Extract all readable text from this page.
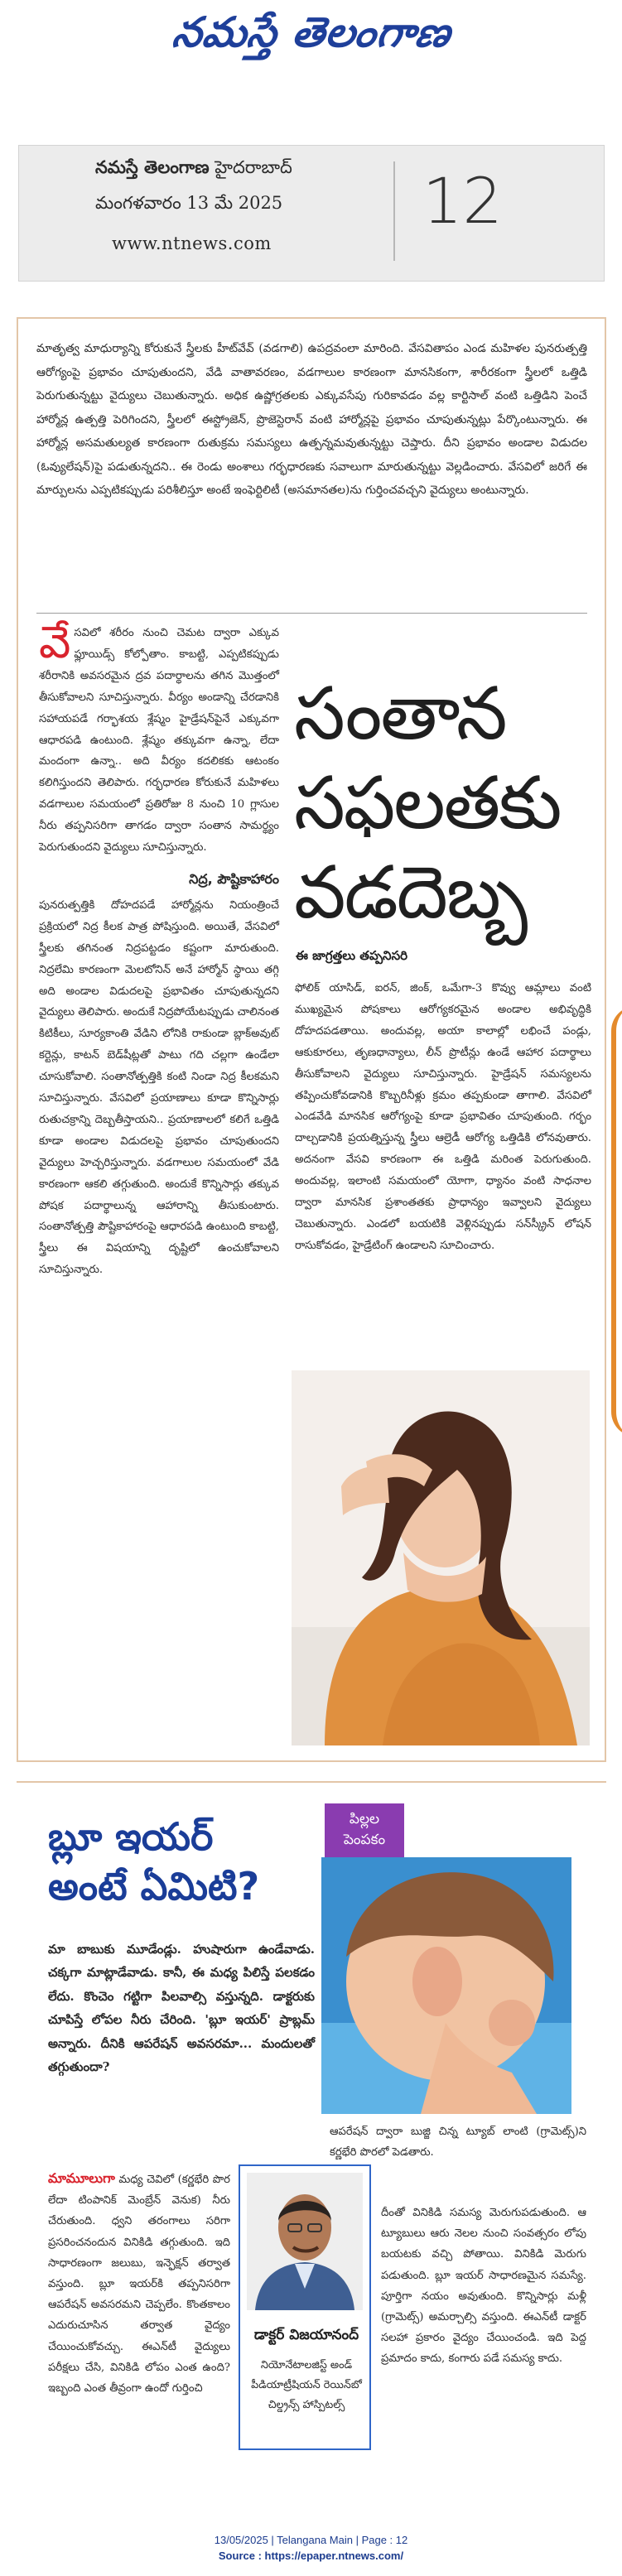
నమస్తే తెలంగాణ
నమస్తే తెలంగాణ హైదరాబాద్
మంగళవారం 13 మే 2025
www.ntnews.com
12
మాతృత్వ మాధుర్యాన్ని కోరుకునే స్త్రీలకు హీట్‌వేవ్ (వడగాలి) ఉపద్రవంలా మారింది. వేసవితాపం ఎండ మహిళల పునరుత్పత్తి ఆరోగ్యంపై ప్రభావం చూపుతుందని, వేడి వాతావరణం, వడగాలుల కారణంగా మానసికంగా, శారీరకంగా స్త్రీలలో ఒత్తిడి పెరుగుతున్నట్టు వైద్యులు చెబుతున్నారు. అధిక ఉష్ణోగ్రతలకు ఎక్కువసేపు గురికావడం వల్ల కార్టిసాల్ వంటి ఒత్తిడిని పెంచే హార్మోన్ల ఉత్పత్తి పెరిగిందని, స్త్రీలలో ఈస్ట్రోజెన్, ప్రొజెస్టెరాన్ వంటి హార్మోన్లపై ప్రభావం చూపుతున్నట్లు పేర్కొంటున్నారు. ఈ హార్మోన్ల అసమతుల్యత కారణంగా రుతుక్రమ సమస్యలు ఉత్పన్నమవుతున్నట్టు చెప్తారు. దీని ప్రభావం అండాల విడుదల (ఓవ్యులేషన్)పై పడుతున్నదని.. ఈ రెండు అంశాలు గర్భధారణకు సవాలుగా మారుతున్నట్టు వెల్లడించారు. వేసవిలో జరిగే ఈ మార్పులను ఎప్పటికప్పుడు పరిశీలిస్తూ అంటే ఇంఫెర్టిలిటీ (అసమానతల)ను గుర్తించవచ్చని వైద్యులు అంటున్నారు.
వేసవిలో శరీరం నుంచి చెమట ద్వారా ఎక్కువ ఫ్లూయిడ్స్ కోల్పోతాం. కాబట్టి, ఎప్పటికప్పుడు శరీరానికి అవసరమైన ద్రవ పదార్థాలను తగిన మొత్తంలో తీసుకోవాలని సూచిస్తున్నారు. వీర్యం అండాన్ని చేరడానికి సహాయపడే గర్భాశయ శ్లేష్మం హైడ్రేషన్‌పైనే ఎక్కువగా ఆధారపడి ఉంటుంది. శ్లేష్మం తక్కువగా ఉన్నా, లేదా మందంగా ఉన్నా.. అది వీర్యం కదలికకు ఆటంకం కలిగిస్తుందని తెలిపారు. గర్భధారణ కోరుకునే మహిళలు వడగాలుల సమయంలో ప్రతిరోజు 8 నుంచి 10 గ్లాసుల నీరు తప్పనిసరిగా తాగడం ద్వారా సంతాన సామర్థ్యం పెరుగుతుందని వైద్యులు సూచిస్తున్నారు.
నిద్ర, పౌష్టికాహారం

పునరుత్పత్తికి దోహదపడే హార్మోన్లను నియంత్రించే ప్రక్రియలో నిద్ర కీలక పాత్ర పోషిస్తుంది. అయితే, వేసవిలో స్త్రీలకు తగినంత నిద్రపట్టడం కష్టంగా మారుతుంది. నిద్రలేమి కారణంగా మెలటోనిన్ అనే హార్మోన్ స్థాయి తగ్గి అది అండాల విడుదలపై ప్రభావితం చూపుతున్నదని వైద్యులు తెలిపారు. అందుకే నిద్రపోయేటప్పుడు చాలినంత కిటికీలు, సూర్యకాంతి వేడిని లోనికి రాకుండా బ్లాక్‌అవుట్ కర్టెన్లు, కాటన్ బెడ్‌షీట్లతో పాటు గది చల్లగా ఉండేలా చూసుకోవాలి. సంతానోత్పత్తికి కంటి నిండా నిద్ర కీలకమని సూచిస్తున్నారు. వేసవిలో ప్రయాణాలు కూడా కొన్నిసార్లు రుతుచక్రాన్ని దెబ్బతీస్తాయని.. ప్రయాణాలలో కలిగే ఒత్తిడి కూడా అండాల విడుదలపై ప్రభావం చూపుతుందని వైద్యులు హెచ్చరిస్తున్నారు. వడగాలుల సమయంలో వేడి కారణంగా ఆకలి తగ్గుతుంది. అందుకే కొన్నిసార్లు తక్కువ పోషక పదార్థాలున్న ఆహారాన్ని తీసుకుంటారు. సంతానోత్పత్తి పౌష్టికాహారంపై ఆధారపడి ఉంటుంది కాబట్టి, స్త్రీలు ఈ విషయాన్ని దృష్టిలో ఉంచుకోవాలని సూచిస్తున్నారు.

సంతాన
సఫలతకు
వడదెబ్బ
ఈ జాగ్రత్తలు తప్పనిసరి
ఫోలిక్ యాసిడ్, ఐరన్, జింక్, ఒమేగా-3 కొవ్వు ఆమ్లాలు వంటి ముఖ్యమైన పోషకాలు ఆరోగ్యకరమైన అండాల అభివృద్ధికి దోహదపడతాయి. అందువల్ల, అయా కాలాల్లో లభించే పండ్లు, ఆకుకూరలు, తృణధాన్యాలు, లీన్ ప్రొటీన్లు ఉండే ఆహార పదార్థాలు తీసుకోవాలని వైద్యులు సూచిస్తున్నారు. హైడ్రేషన్ సమస్యలను తప్పించుకోవడానికి కొబ్బరినీళ్లు క్రమం తప్పకుండా తాగాలి. వేసవిలో ఎండవేడి మానసిక ఆరోగ్యంపై కూడా ప్రభావితం చూపుతుంది. గర్భం దాల్చడానికి ప్రయత్నిస్తున్న స్త్రీలు ఆల్రెడీ ఆరోగ్య ఒత్తిడికి లోనవుతారు. అదనంగా వేసవి కారణంగా ఈ ఒత్తిడి మరింత పెరుగుతుంది. అందువల్ల, ఇలాంటి సమయంలో యోగా, ధ్యానం వంటి సాధనాల ద్వారా మానసిక ప్రశాంతతకు ప్రాధాన్యం ఇవ్వాలని వైద్యులు చెబుతున్నారు. ఎండలో బయటికి వెళ్లినప్పుడు సన్‌స్క్రీన్ లోషన్ రాసుకోవడం, హైడ్రేటింగ్ ఉండాలని సూచించారు.
పిల్లల
పెంపకం
బ్లూ ఇయర్
అంటే ఏమిటి?
మా బాబుకు మూడేండ్లు. హుషారుగా ఉండేవాడు. చక్కగా మాట్లాడేవాడు. కానీ, ఈ మధ్య పిలిస్తే పలకడం లేదు. కొంచెం గట్టిగా పిలవాల్సి వస్తున్నది. డాక్టరుకు చూపిస్తే లోపల నీరు చేరింది. 'బ్లూ ఇయర్' ప్రాబ్లమ్ అన్నారు. దీనికి ఆపరేషన్ అవసరమా... మందులతో తగ్గుతుందా?
మామూలుగా మధ్య చెవిలో (కర్ణభేరి పొర లేదా టింపానిక్ మెంబ్రేన్ వెనుక) నీరు చేరుతుంది. ధ్వని తరంగాలు సరిగా ప్రసరించనందున వినికిడి తగ్గుతుంది. ఇది సాధారణంగా జలుబు, ఇన్ఫెక్షన్ తర్వాత వస్తుంది. బ్లూ ఇయర్‌కి తప్పనిసరిగా ఆపరేషన్ అవసరమని చెప్పలేం. కొంతకాలం ఎదురుచూసిన తర్వాత వైద్యం చేయించుకోవచ్చు. ఈఎన్‌టీ వైద్యులు పరీక్షలు చేసి, వినికిడి లోపం ఎంత ఉంది? ఇబ్బంది ఎంత తీవ్రంగా ఉందో గుర్తించి
డాక్టర్ విజయానంద్
నియోనేటాలజిస్ట్ అండ్ పీడియాట్రీషియన్ రెయిన్‌బో చిల్డ్రన్స్ హాస్పిటల్స్
ఆపరేషన్ ద్వారా బుజ్జి చిన్న ట్యూబ్ లాంటి (గ్రామెట్స్)ని కర్ణభేరి పొరలో పెడతారు.
దీంతో వినికిడి సమస్య మెరుగుపడుతుంది. ఆ ట్యూబులు ఆరు నెలల నుంచి సంవత్సరం లోపు బయటకు వచ్చి పోతాయి. వినికిడి మెరుగు పడుతుంది. బ్లూ ఇయర్ సాధారణమైన సమస్యే. పూర్తిగా నయం అవుతుంది. కొన్నిసార్లు మళ్లీ (గ్రామెట్స్) అమర్చాల్సి వస్తుంది. ఈఎన్‌టీ డాక్టర్ సలహా ప్రకారం వైద్యం చేయించండి. ఇది పెద్ద ప్రమాదం కాదు, కంగారు పడే సమస్య కాదు.
13/05/2025 | Telangana Main | Page : 12
Source : https://epaper.ntnews.com/
